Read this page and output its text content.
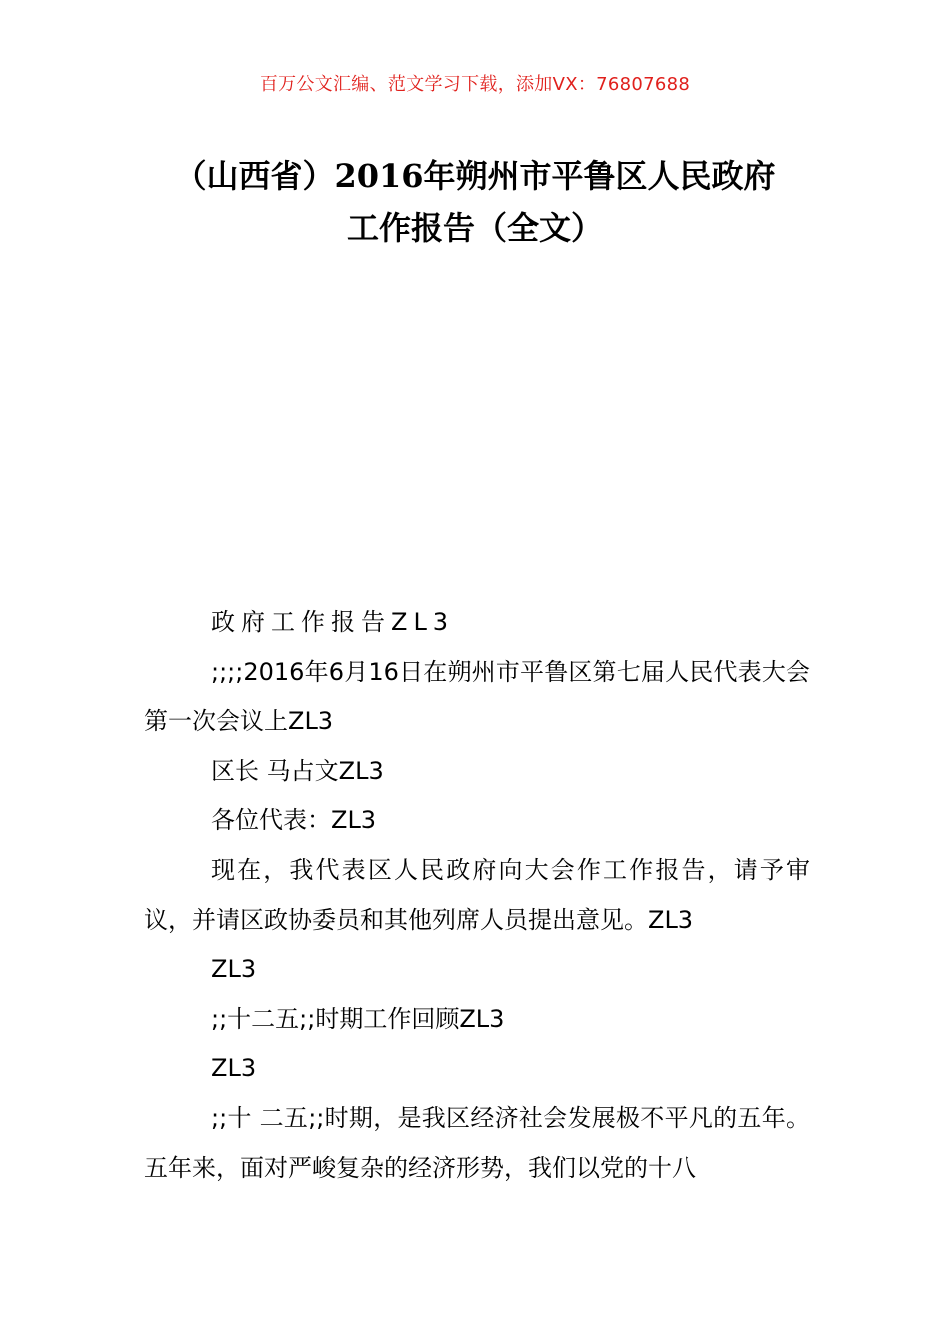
百万公文汇编、范文学习下载，添加VX：76807688
（山西省）2016年朔州市平鲁区人民政府
工作报告（全文）

政府工作报告ZL3

;;;;2016年6月16日在朔州市平鲁区第七届人民代表大会第一次会议上ZL3

区长 马占文ZL3

各位代表：ZL3

现在，我代表区人民政府向大会作工作报告，请予审议，并请区政协委员和其他列席人员提出意见。ZL3

ZL3

;;十二五;;时期工作回顾ZL3

ZL3

;;十 二五;;时期，是我区经济社会发展极不平凡的五年。五年来，面对严峻复杂的经济形势，我们以党的十八
